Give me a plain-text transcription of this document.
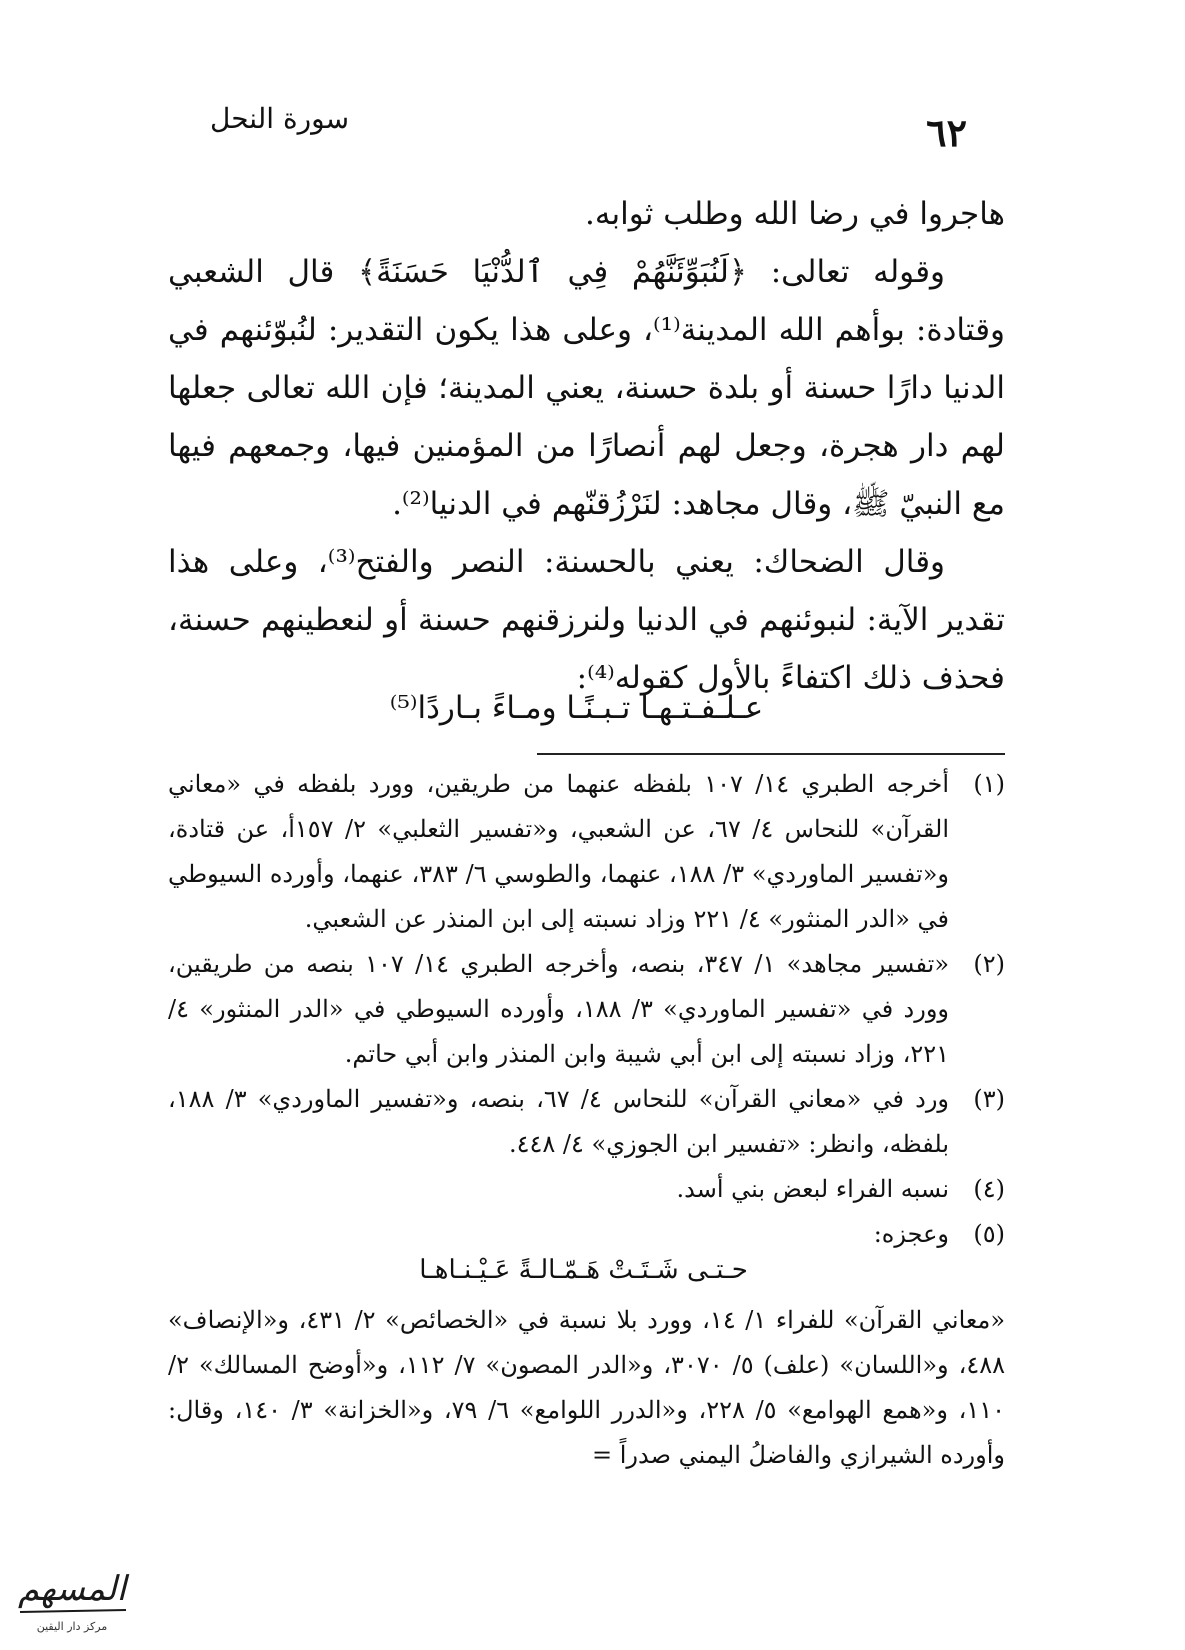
سورة النحل	٦٢

هاجروا في رضا الله وطلب ثوابه.

وقوله تعالى: ﴿لَنُبَوِّئَنَّهُمْ فِي ٱلدُّنْيَا حَسَنَةً﴾ قال الشعبي وقتادة: بوأهم الله المدينة⁽¹⁾، وعلى هذا يكون التقدير: لنُبوّئنهم في الدنيا دارًا حسنة أو بلدة حسنة، يعني المدينة؛ فإن الله تعالى جعلها لهم دار هجرة، وجعل لهم أنصارًا من المؤمنين فيها، وجمعهم فيها مع النبيّ ﷺ، وقال مجاهد: لنَرْزُقنّهم في الدنيا⁽²⁾.

وقال الضحاك: يعني بالحسنة: النصر والفتح⁽³⁾، وعلى هذا تقدير الآية: لنبوئنهم في الدنيا ولنرزقنهم حسنة أو لنعطينهم حسنة، فحذف ذلك اكتفاءً بالأول كقوله⁽⁴⁾:

عـلـفـتـهـا تـبـنًـا ومـاءً بـاردًا⁽⁵⁾
(١)
أخرجه الطبري ١٤/ ١٠٧ بلفظه عنهما من طريقين، وورد بلفظه في «معاني القرآن» للنحاس ٤/ ٦٧، عن الشعبي، و«تفسير الثعلبي» ٢/ ١٥٧أ، عن قتادة، و«تفسير الماوردي» ٣/ ١٨٨، عنهما، والطوسي ٦/ ٣٨٣، عنهما، وأورده السيوطي في «الدر المنثور» ٤/ ٢٢١ وزاد نسبته إلى ابن المنذر عن الشعبي.
(٢)
«تفسير مجاهد» ١/ ٣٤٧، بنصه، وأخرجه الطبري ١٤/ ١٠٧ بنصه من طريقين، وورد في «تفسير الماوردي» ٣/ ١٨٨، وأورده السيوطي في «الدر المنثور» ٤/ ٢٢١، وزاد نسبته إلى ابن أبي شيبة وابن المنذر وابن أبي حاتم.
(٣)
ورد في «معاني القرآن» للنحاس ٤/ ٦٧، بنصه، و«تفسير الماوردي» ٣/ ١٨٨، بلفظه، وانظر: «تفسير ابن الجوزي» ٤/ ٤٤٨.
(٤)
نسبه الفراء لبعض بني أسد.
(٥)
وعجزه:
حـتـى شَـتَـتْ هَـمّـالـةً عَـيْـنـاهـا
«معاني القرآن» للفراء ١/ ١٤، وورد بلا نسبة في «الخصائص» ٢/ ٤٣١، و«الإنصاف» ٤٨٨، و«اللسان» (علف) ٥/ ٣٠٧٠، و«الدر المصون» ٧/ ١١٢، و«أوضح المسالك» ٢/ ١١٠، و«همع الهوامع» ٥/ ٢٢٨، و«الدرر اللوامع» ٦/ ٧٩، و«الخزانة» ٣/ ١٤٠، وقال: وأورده الشيرازي والفاضلُ اليمني صدراً =
المسهم
مركز دار اليقين
